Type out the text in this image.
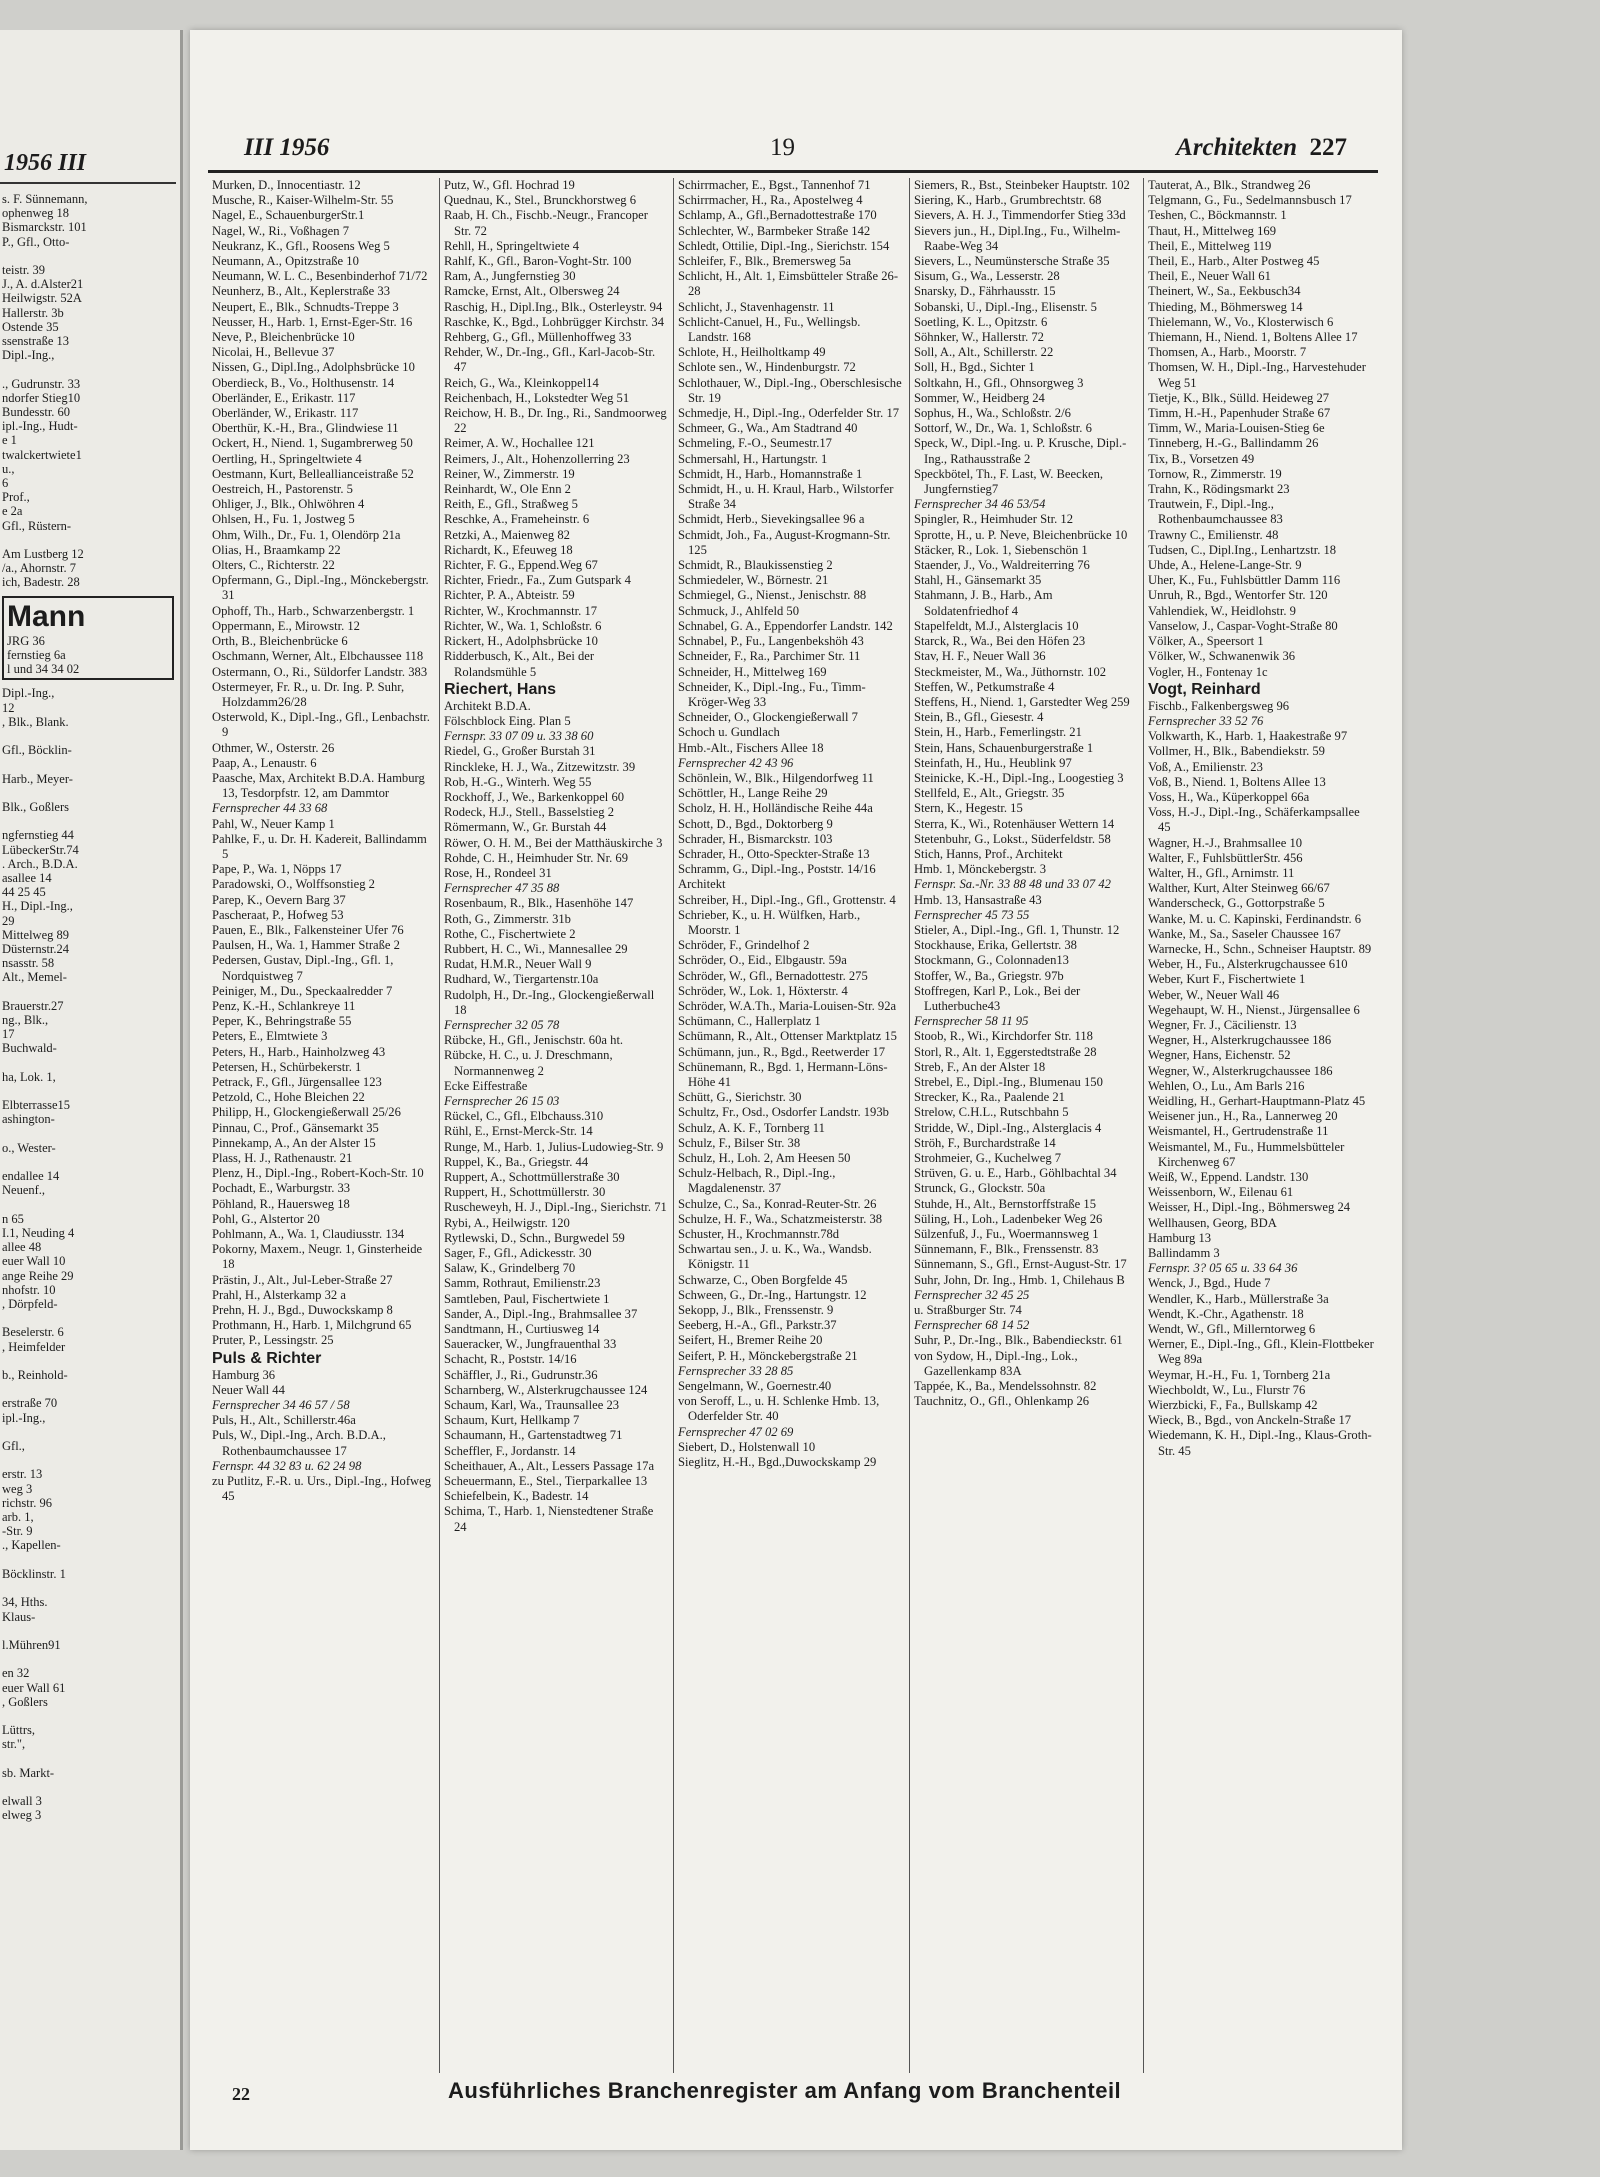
1956 III
s. F. Sünnemann,
ophenweg 18
Bismarckstr. 101
P., Gfl., Otto-

teistr. 39
J., A. d.Alster21
Heilwigstr. 52A
Hallerstr. 3b
Ostende 35
ssenstraße 13
Dipl.-Ing.,

., Gudrunstr. 33
ndorfer Stieg10
Bundesstr. 60
ipl.-Ing., Hudt-
e 1
twalckertwiete1
u.,
6
Prof.,
e 2a
Gfl., Rüstern-

Am Lustberg 12
/a., Ahornstr. 7
ich, Badestr. 28
Mann
JRG 36
fernstieg 6a
l und 34 34 02
Dipl.-Ing.,
12
, Blk., Blank.

Gfl., Böcklin-

Harb., Meyer-

Blk., Goßlers

ngfernstieg 44
LübeckerStr.74
. Arch., B.D.A.
asallee 14
44 25 45
H., Dipl.-Ing.,
29
Mittelweg 89
Düsternstr.24
nsasstr. 58
Alt., Memel-

Brauerstr.27
ng., Blk.,
17
Buchwald-

ha, Lok. 1,

Elbterrasse15
ashington-

o., Wester-

endallee 14
Neuenf.,

n 65
I.1, Neuding 4
allee 48
euer Wall 10
ange Reihe 29
nhofstr. 10
, Dörpfeld-

Beselerstr. 6
, Heimfelder

b., Reinhold-

erstraße 70
ipl.-Ing.,

Gfl.,

erstr. 13
weg 3
richstr. 96
arb. 1,
-Str. 9
., Kapellen-

Böcklinstr. 1

34, Hths.
Klaus-

l.Mühren91

en 32
euer Wall 61
, Goßlers

Lüttrs,
str.",

sb. Markt-

elwall 3
elweg 3
III 1956	19	Architekten 227
Murken, D., Innocentiastr. 12
Musche, R., Kaiser-Wilhelm-Str. 55
Nagel, E., SchauenburgerStr.1
Nagel, W., Ri., Voßhagen 7
Neukranz, K., Gfl., Roosens Weg 5
Neumann, A., Opitzstraße 10
Neumann, W. L. C., Besenbinderhof 71/72
Neunherz, B., Alt., Keplerstraße 33
Neupert, E., Blk., Schnudts-Treppe 3
Neusser, H., Harb. 1, Ernst-Eger-Str. 16
Neve, P., Bleichenbrücke 10
Nicolai, H., Bellevue 37
Nissen, G., Dipl.Ing., Adolphsbrücke 10
Oberdieck, B., Vo., Holthusenstr. 14
Oberländer, E., Erikastr. 117
Oberländer, W., Erikastr. 117
Oberthür, K.-H., Bra., Glindwiese 11
Ockert, H., Niend. 1, Sugambrerweg 50
Oertling, H., Springeltwiete 4
Oestmann, Kurt, Belleallianceistraße 52
Oestreich, H., Pastorenstr. 5
Ohliger, J., Blk., Ohlwöhren 4
Ohlsen, H., Fu. 1, Jostweg 5
Ohm, Wilh., Dr., Fu. 1, Olendörp 21a
Olias, H., Braamkamp 22
Olters, C., Richterstr. 22
Opfermann, G., Dipl.-Ing., Mönckebergstr. 31
Ophoff, Th., Harb., Schwarzenbergstr. 1
Oppermann, E., Mirowstr. 12
Orth, B., Bleichenbrücke 6
Oschmann, Werner, Alt., Elbchaussee 118
Ostermann, O., Ri., Süldorfer Landstr. 383
Ostermeyer, Fr. R., u. Dr. Ing. P. Suhr, Holzdamm26/28
Osterwold, K., Dipl.-Ing., Gfl., Lenbachstr. 9
Othmer, W., Osterstr. 26
Paap, A., Lenaustr. 6
Paasche, Max, Architekt B.D.A. Hamburg 13, Tesdorpfstr. 12, am Dammtor
Fernsprecher 44 33 68
Pahl, W., Neuer Kamp 1
Pahlke, F., u. Dr. H. Kadereit, Ballindamm 5
Pape, P., Wa. 1, Nöpps 17
Paradowski, O., Wolffsonstieg 2
Parep, K., Oevern Barg 37
Pascheraat, P., Hofweg 53
Pauen, E., Blk., Falkensteiner Ufer 76
Paulsen, H., Wa. 1, Hammer Straße 2
Pedersen, Gustav, Dipl.-Ing., Gfl. 1, Nordquistweg 7
Peiniger, M., Du., Speckaalredder 7
Penz, K.-H., Schlankreye 11
Peper, K., Behringstraße 55
Peters, E., Elmtwiete 3
Peters, H., Harb., Hainholzweg 43
Petersen, H., Schürbekerstr. 1
Petrack, F., Gfl., Jürgensallee 123
Petzold, C., Hohe Bleichen 22
Philipp, H., Glockengießerwall 25/26
Pinnau, C., Prof., Gänsemarkt 35
Pinnekamp, A., An der Alster 15
Plass, H. J., Rathenaustr. 21
Plenz, H., Dipl.-Ing., Robert-Koch-Str. 10
Pochadt, E., Warburgstr. 33
Pöhland, R., Hauersweg 18
Pohl, G., Alstertor 20
Pohlmann, A., Wa. 1, Claudiusstr. 134
Pokorny, Maxem., Neugr. 1, Ginsterheide 18
Prästin, J., Alt., Jul-Leber-Straße 27
Prahl, H., Alsterkamp 32 a
Prehn, H. J., Bgd., Duwockskamp 8
Prothmann, H., Harb. 1, Milchgrund 65
Pruter, P., Lessingstr. 25
Puls & Richter
Hamburg 36
Neuer Wall 44
Fernsprecher 34 46 57 / 58
Puls, H., Alt., Schillerstr.46a
Puls, W., Dipl.-Ing., Arch. B.D.A., Rothenbaumchaussee 17
Fernspr. 44 32 83 u. 62 24 98
zu Putlitz, F.-R. u. Urs., Dipl.-Ing., Hofweg 45
Putz, W., Gfl. Hochrad 19
Quednau, K., Stel., Brunckhorstweg 6
Raab, H. Ch., Fischb.-Neugr., Francoper Str. 72
Rehll, H., Springeltwiete 4
Rahlf, K., Gfl., Baron-Voght-Str. 100
Ram, A., Jungfernstieg 30
Ramcke, Ernst, Alt., Olbersweg 24
Raschig, H., Dipl.Ing., Blk., Osterleystr. 94
Raschke, K., Bgd., Lohbrügger Kirchstr. 34
Rehberg, G., Gfl., Müllenhoffweg 33
Rehder, W., Dr.-Ing., Gfl., Karl-Jacob-Str. 47
Reich, G., Wa., Kleinkoppel14
Reichenbach, H., Lokstedter Weg 51
Reichow, H. B., Dr. Ing., Ri., Sandmoorweg 22
Reimer, A. W., Hochallee 121
Reimers, J., Alt., Hohenzollerring 23
Reiner, W., Zimmerstr. 19
Reinhardt, W., Ole Enn 2
Reith, E., Gfl., Straßweg 5
Reschke, A., Frameheinstr. 6
Retzki, A., Maienweg 82
Richardt, K., Efeuweg 18
Richter, F. G., Eppend.Weg 67
Richter, Friedr., Fa., Zum Gutspark 4
Richter, P. A., Abteistr. 59
Richter, W., Krochmannstr. 17
Richter, W., Wa. 1, Schloßstr. 6
Rickert, H., Adolphsbrücke 10
Ridderbusch, K., Alt., Bei der Rolandsmühle 5
Riechert, Hans
Architekt B.D.A.
Fölschblock Eing. Plan 5
Fernspr. 33 07 09 u. 33 38 60
Riedel, G., Großer Burstah 31
Rinckleke, H. J., Wa., Zitzewitzstr. 39
Rob, H.-G., Winterh. Weg 55
Rockhoff, J., We., Barkenkoppel 60
Rodeck, H.J., Stell., Basselstieg 2
Römermann, W., Gr. Burstah 44
Röwer, O. H. M., Bei der Matthäuskirche 3
Rohde, C. H., Heimhuder Str. Nr. 69
Rose, H., Rondeel 31
Fernsprecher 47 35 88
Rosenbaum, R., Blk., Hasenhöhe 147
Roth, G., Zimmerstr. 31b
Rothe, C., Fischertwiete 2
Rubbert, H. C., Wi., Mannesallee 29
Rudat, H.M.R., Neuer Wall 9
Rudhard, W., Tiergartenstr.10a
Rudolph, H., Dr.-Ing., Glockengießerwall 18
Fernsprecher 32 05 78
Rübcke, H., Gfl., Jenischstr. 60a ht.
Rübcke, H. C., u. J. Dreschmann, Normannenweg 2
Ecke Eiffestraße
Fernsprecher 26 15 03
Rückel, C., Gfl., Elbchauss.310
Rühl, E., Ernst-Merck-Str. 14
Runge, M., Harb. 1, Julius-Ludowieg-Str. 9
Ruppel, K., Ba., Griegstr. 44
Ruppert, A., Schottmüllerstraße 30
Ruppert, H., Schottmüllerstr. 30
Ruscheweyh, H. J., Dipl.-Ing., Sierichstr. 71
Rybi, A., Heilwigstr. 120
Rytlewski, D., Schn., Burgwedel 59
Sager, F., Gfl., Adickesstr. 30
Salaw, K., Grindelberg 70
Samm, Rothraut, Emilienstr.23
Samtleben, Paul, Fischertwiete 1
Sander, A., Dipl.-Ing., Brahmsallee 37
Sandtmann, H., Curtiusweg 14
Saueracker, W., Jungfrauenthal 33
Schacht, R., Poststr. 14/16
Schäffler, J., Ri., Gudrunstr.36
Scharnberg, W., Alsterkrugchaussee 124
Schaum, Karl, Wa., Traunsallee 23
Schaum, Kurt, Hellkamp 7
Schaumann, H., Gartenstadtweg 71
Scheffler, F., Jordanstr. 14
Scheithauer, A., Alt., Lessers Passage 17a
Scheuermann, E., Stel., Tierparkallee 13
Schiefelbein, K., Badestr. 14
Schima, T., Harb. 1, Nienstedtener Straße 24
Schirrmacher, E., Bgst., Tannenhof 71
Schirrmacher, H., Ra., Apostelweg 4
Schlamp, A., Gfl.,Bernadottestraße 170
Schlechter, W., Barmbeker Straße 142
Schledt, Ottilie, Dipl.-Ing., Sierichstr. 154
Schleifer, F., Blk., Bremersweg 5a
Schlicht, H., Alt. 1, Eimsbütteler Straße 26-28
Schlicht, J., Stavenhagenstr. 11
Schlicht-Canuel, H., Fu., Wellingsb. Landstr. 168
Schlote, H., Heilholtkamp 49
Schlote sen., W., Hindenburgstr. 72
Schlothauer, W., Dipl.-Ing., Oberschlesische Str. 19
Schmedje, H., Dipl.-Ing., Oderfelder Str. 17
Schmeer, G., Wa., Am Stadtrand 40
Schmeling, F.-O., Seumestr.17
Schmersahl, H., Hartungstr. 1
Schmidt, H., Harb., Homannstraße 1
Schmidt, H., u. H. Kraul, Harb., Wilstorfer Straße 34
Schmidt, Herb., Sievekingsallee 96 a
Schmidt, Joh., Fa., August-Krogmann-Str. 125
Schmidt, R., Blaukissenstieg 2
Schmiedeler, W., Börnestr. 21
Schmiegel, G., Nienst., Jenischstr. 88
Schmuck, J., Ahlfeld 50
Schnabel, G. A., Eppendorfer Landstr. 142
Schnabel, P., Fu., Langenbekshöh 43
Schneider, F., Ra., Parchimer Str. 11
Schneider, H., Mittelweg 169
Schneider, K., Dipl.-Ing., Fu., Timm-Kröger-Weg 33
Schneider, O., Glockengießerwall 7
Schoch u. Gundlach
Hmb.-Alt., Fischers Allee 18
Fernsprecher 42 43 96
Schönlein, W., Blk., Hilgendorfweg 11
Schöttler, H., Lange Reihe 29
Scholz, H. H., Holländische Reihe 44a
Schott, D., Bgd., Doktorberg 9
Schrader, H., Bismarckstr. 103
Schrader, H., Otto-Speckter-Straße 13
Schramm, G., Dipl.-Ing., Poststr. 14/16
Architekt
Schreiber, H., Dipl.-Ing., Gfl., Grottenstr. 4
Schrieber, K., u. H. Wülfken, Harb., Moorstr. 1
Schröder, F., Grindelhof 2
Schröder, O., Eid., Elbgaustr. 59a
Schröder, W., Gfl., Bernadottestr. 275
Schröder, W., Lok. 1, Höxterstr. 4
Schröder, W.A.Th., Maria-Louisen-Str. 92a
Schümann, C., Hallerplatz 1
Schümann, R., Alt., Ottenser Marktplatz 15
Schümann, jun., R., Bgd., Reetwerder 17
Schünemann, R., Bgd. 1, Hermann-Löns-Höhe 41
Schütt, G., Sierichstr. 30
Schultz, Fr., Osd., Osdorfer Landstr. 193b
Schulz, A. K. F., Tornberg 11
Schulz, F., Bilser Str. 38
Schulz, H., Loh. 2, Am Heesen 50
Schulz-Helbach, R., Dipl.-Ing., Magdalenenstr. 37
Schulze, C., Sa., Konrad-Reuter-Str. 26
Schulze, H. F., Wa., Schatzmeisterstr. 38
Schuster, H., Krochmannstr.78d
Schwartau sen., J. u. K., Wa., Wandsb. Königstr. 11
Schwarze, C., Oben Borgfelde 45
Schween, G., Dr.-Ing., Hartungstr. 12
Sekopp, J., Blk., Frenssenstr. 9
Seeberg, H.-A., Gfl., Parkstr.37
Seifert, H., Bremer Reihe 20
Seifert, P. H., Mönckebergstraße 21
Fernsprecher 33 28 85
Sengelmann, W., Goernestr.40
von Seroff, L., u. H. Schlenke Hmb. 13, Oderfelder Str. 40
Fernsprecher 47 02 69
Siebert, D., Holstenwall 10
Sieglitz, H.-H., Bgd.,Duwockskamp 29
Siemers, R., Bst., Steinbeker Hauptstr. 102
Siering, K., Harb., Grumbrechtstr. 68
Sievers, A. H. J., Timmendorfer Stieg 33d
Sievers jun., H., Dipl.Ing., Fu., Wilhelm-Raabe-Weg 34
Sievers, L., Neumünstersche Straße 35
Sisum, G., Wa., Lesserstr. 28
Snarsky, D., Fährhausstr. 15
Sobanski, U., Dipl.-Ing., Elisenstr. 5
Soetling, K. L., Opitzstr. 6
Söhnker, W., Hallerstr. 72
Soll, A., Alt., Schillerstr. 22
Soll, H., Bgd., Sichter 1
Soltkahn, H., Gfl., Ohnsorgweg 3
Sommer, W., Heidberg 24
Sophus, H., Wa., Schloßstr. 2/6
Sottorf, W., Dr., Wa. 1, Schloßstr. 6
Speck, W., Dipl.-Ing. u. P. Krusche, Dipl.-Ing., Rathausstraße 2
Speckbötel, Th., F. Last, W. Beecken, Jungfernstieg7
Fernsprecher 34 46 53/54
Spingler, R., Heimhuder Str. 12
Sprotte, H., u. P. Neve, Bleichenbrücke 10
Stäcker, R., Lok. 1, Siebenschön 1
Staender, J., Vo., Waldreiterring 76
Stahl, H., Gänsemarkt 35
Stahmann, J. B., Harb., Am Soldatenfriedhof 4
Stapelfeldt, M.J., Alsterglacis 10
Starck, R., Wa., Bei den Höfen 23
Stav, H. F., Neuer Wall 36
Steckmeister, M., Wa., Jüthornstr. 102
Steffen, W., Petkumstraße 4
Steffens, H., Niend. 1, Garstedter Weg 259
Stein, B., Gfl., Giesestr. 4
Stein, H., Harb., Femerlingstr. 21
Stein, Hans, Schauenburgerstraße 1
Steinfath, H., Hu., Heublink 97
Steinicke, K.-H., Dipl.-Ing., Loogestieg 3
Stellfeld, E., Alt., Griegstr. 35
Stern, K., Hegestr. 15
Sterra, K., Wi., Rotenhäuser Wettern 14
Stetenbuhr, G., Lokst., Süderfeldstr. 58
Stich, Hanns, Prof., Architekt
Hmb. 1, Mönckebergstr. 3
Fernspr. Sa.-Nr. 33 88 48 und 33 07 42
Hmb. 13, Hansastraße 43
Fernsprecher 45 73 55
Stieler, A., Dipl.-Ing., Gfl. 1, Thunstr. 12
Stockhause, Erika, Gellertstr. 38
Stockmann, G., Colonnaden13
Stoffer, W., Ba., Griegstr. 97b
Stoffregen, Karl P., Lok., Bei der Lutherbuche43
Fernsprecher 58 11 95
Stoob, R., Wi., Kirchdorfer Str. 118
Storl, R., Alt. 1, Eggerstedtstraße 28
Streb, F., An der Alster 18
Strebel, E., Dipl.-Ing., Blumenau 150
Strecker, K., Ra., Paalende 21
Strelow, C.H.L., Rutschbahn 5
Stridde, W., Dipl.-Ing., Alsterglacis 4
Ströh, F., Burchardstraße 14
Strohmeier, G., Kuchelweg 7
Strüven, G. u. E., Harb., Göhlbachtal 34
Strunck, G., Glockstr. 50a
Stuhde, H., Alt., Bernstorffstraße 15
Süling, H., Loh., Ladenbeker Weg 26
Sülzenfuß, J., Fu., Woermannsweg 1
Sünnemann, F., Blk., Frenssenstr. 83
Sünnemann, S., Gfl., Ernst-August-Str. 17
Suhr, John, Dr. Ing., Hmb. 1, Chilehaus B
Fernsprecher 32 45 25
u. Straßburger Str. 74
Fernsprecher 68 14 52
Suhr, P., Dr.-Ing., Blk., Babendieckstr. 61
von Sydow, H., Dipl.-Ing., Lok., Gazellenkamp 83A
Tappée, K., Ba., Mendelssohnstr. 82
Tauchnitz, O., Gfl., Ohlenkamp 26
Tauterat, A., Blk., Strandweg 26
Telgmann, G., Fu., Sedelmannsbusch 17
Teshen, C., Böckmannstr. 1
Thaut, H., Mittelweg 169
Theil, E., Mittelweg 119
Theil, E., Harb., Alter Postweg 45
Theil, E., Neuer Wall 61
Theinert, W., Sa., Eekbusch34
Thieding, M., Böhmersweg 14
Thielemann, W., Vo., Klosterwisch 6
Thiemann, H., Niend. 1, Boltens Allee 17
Thomsen, A., Harb., Moorstr. 7
Thomsen, W. H., Dipl.-Ing., Harvestehuder Weg 51
Tietje, K., Blk., Sülld. Heideweg 27
Timm, H.-H., Papenhuder Straße 67
Timm, W., Maria-Louisen-Stieg 6e
Tinneberg, H.-G., Ballindamm 26
Tix, B., Vorsetzen 49
Tornow, R., Zimmerstr. 19
Trahn, K., Rödingsmarkt 23
Trautwein, F., Dipl.-Ing., Rothenbaumchaussee 83
Trawny C., Emilienstr. 48
Tudsen, C., Dipl.Ing., Lenhartzstr. 18
Uhde, A., Helene-Lange-Str. 9
Uher, K., Fu., Fuhlsbüttler Damm 116
Unruh, R., Bgd., Wentorfer Str. 120
Vahlendiek, W., Heidlohstr. 9
Vanselow, J., Caspar-Voght-Straße 80
Völker, A., Speersort 1
Völker, W., Schwanenwik 36
Vogler, H., Fontenay 1c
Vogt, Reinhard
Fischb., Falkenbergsweg 96
Fernsprecher 33 52 76
Volkwarth, K., Harb. 1, Haakestraße 97
Vollmer, H., Blk., Babendiekstr. 59
Voß, A., Emilienstr. 23
Voß, B., Niend. 1, Boltens Allee 13
Voss, H., Wa., Küperkoppel 66a
Voss, H.-J., Dipl.-Ing., Schäferkampsallee 45
Wagner, H.-J., Brahmsallee 10
Walter, F., FuhlsbüttlerStr. 456
Walter, H., Gfl., Arnimstr. 11
Walther, Kurt, Alter Steinweg 66/67
Wanderscheck, G., Gottorpstraße 5
Wanke, M. u. C. Kapinski, Ferdinandstr. 6
Wanke, M., Sa., Saseler Chaussee 167
Warnecke, H., Schn., Schneiser Hauptstr. 89
Weber, H., Fu., Alsterkrugchaussee 610
Weber, Kurt F., Fischertwiete 1
Weber, W., Neuer Wall 46
Wegehaupt, W. H., Nienst., Jürgensallee 6
Wegner, Fr. J., Cäcilienstr. 13
Wegner, H., Alsterkrugchaussee 186
Wegner, Hans, Eichenstr. 52
Wegner, W., Alsterkrugchaussee 186
Wehlen, O., Lu., Am Barls 216
Weidling, H., Gerhart-Hauptmann-Platz 45
Weisener jun., H., Ra., Lannerweg 20
Weismantel, H., Gertrudenstraße 11
Weismantel, M., Fu., Hummelsbütteler Kirchenweg 67
Weiß, W., Eppend. Landstr. 130
Weissenborn, W., Eilenau 61
Weisser, H., Dipl.-Ing., Böhmersweg 24
Wellhausen, Georg, BDA
Hamburg 13
Ballindamm 3
Fernspr. 3? 05 65 u. 33 64 36
Wenck, J., Bgd., Hude 7
Wendler, K., Harb., Müllerstraße 3a
Wendt, K.-Chr., Agathenstr. 18
Wendt, W., Gfl., Millerntorweg 6
Werner, E., Dipl.-Ing., Gfl., Klein-Flottbeker Weg 89a
Weymar, H.-H., Fu. 1, Tornberg 21a
Wiechboldt, W., Lu., Flurstr 76
Wierzbicki, F., Fa., Bullskamp 42
Wieck, B., Bgd., von Anckeln-Straße 17
Wiedemann, K. H., Dipl.-Ing., Klaus-Groth-Str. 45
22	Ausführliches Branchenregister am Anfang vom Branchenteil
